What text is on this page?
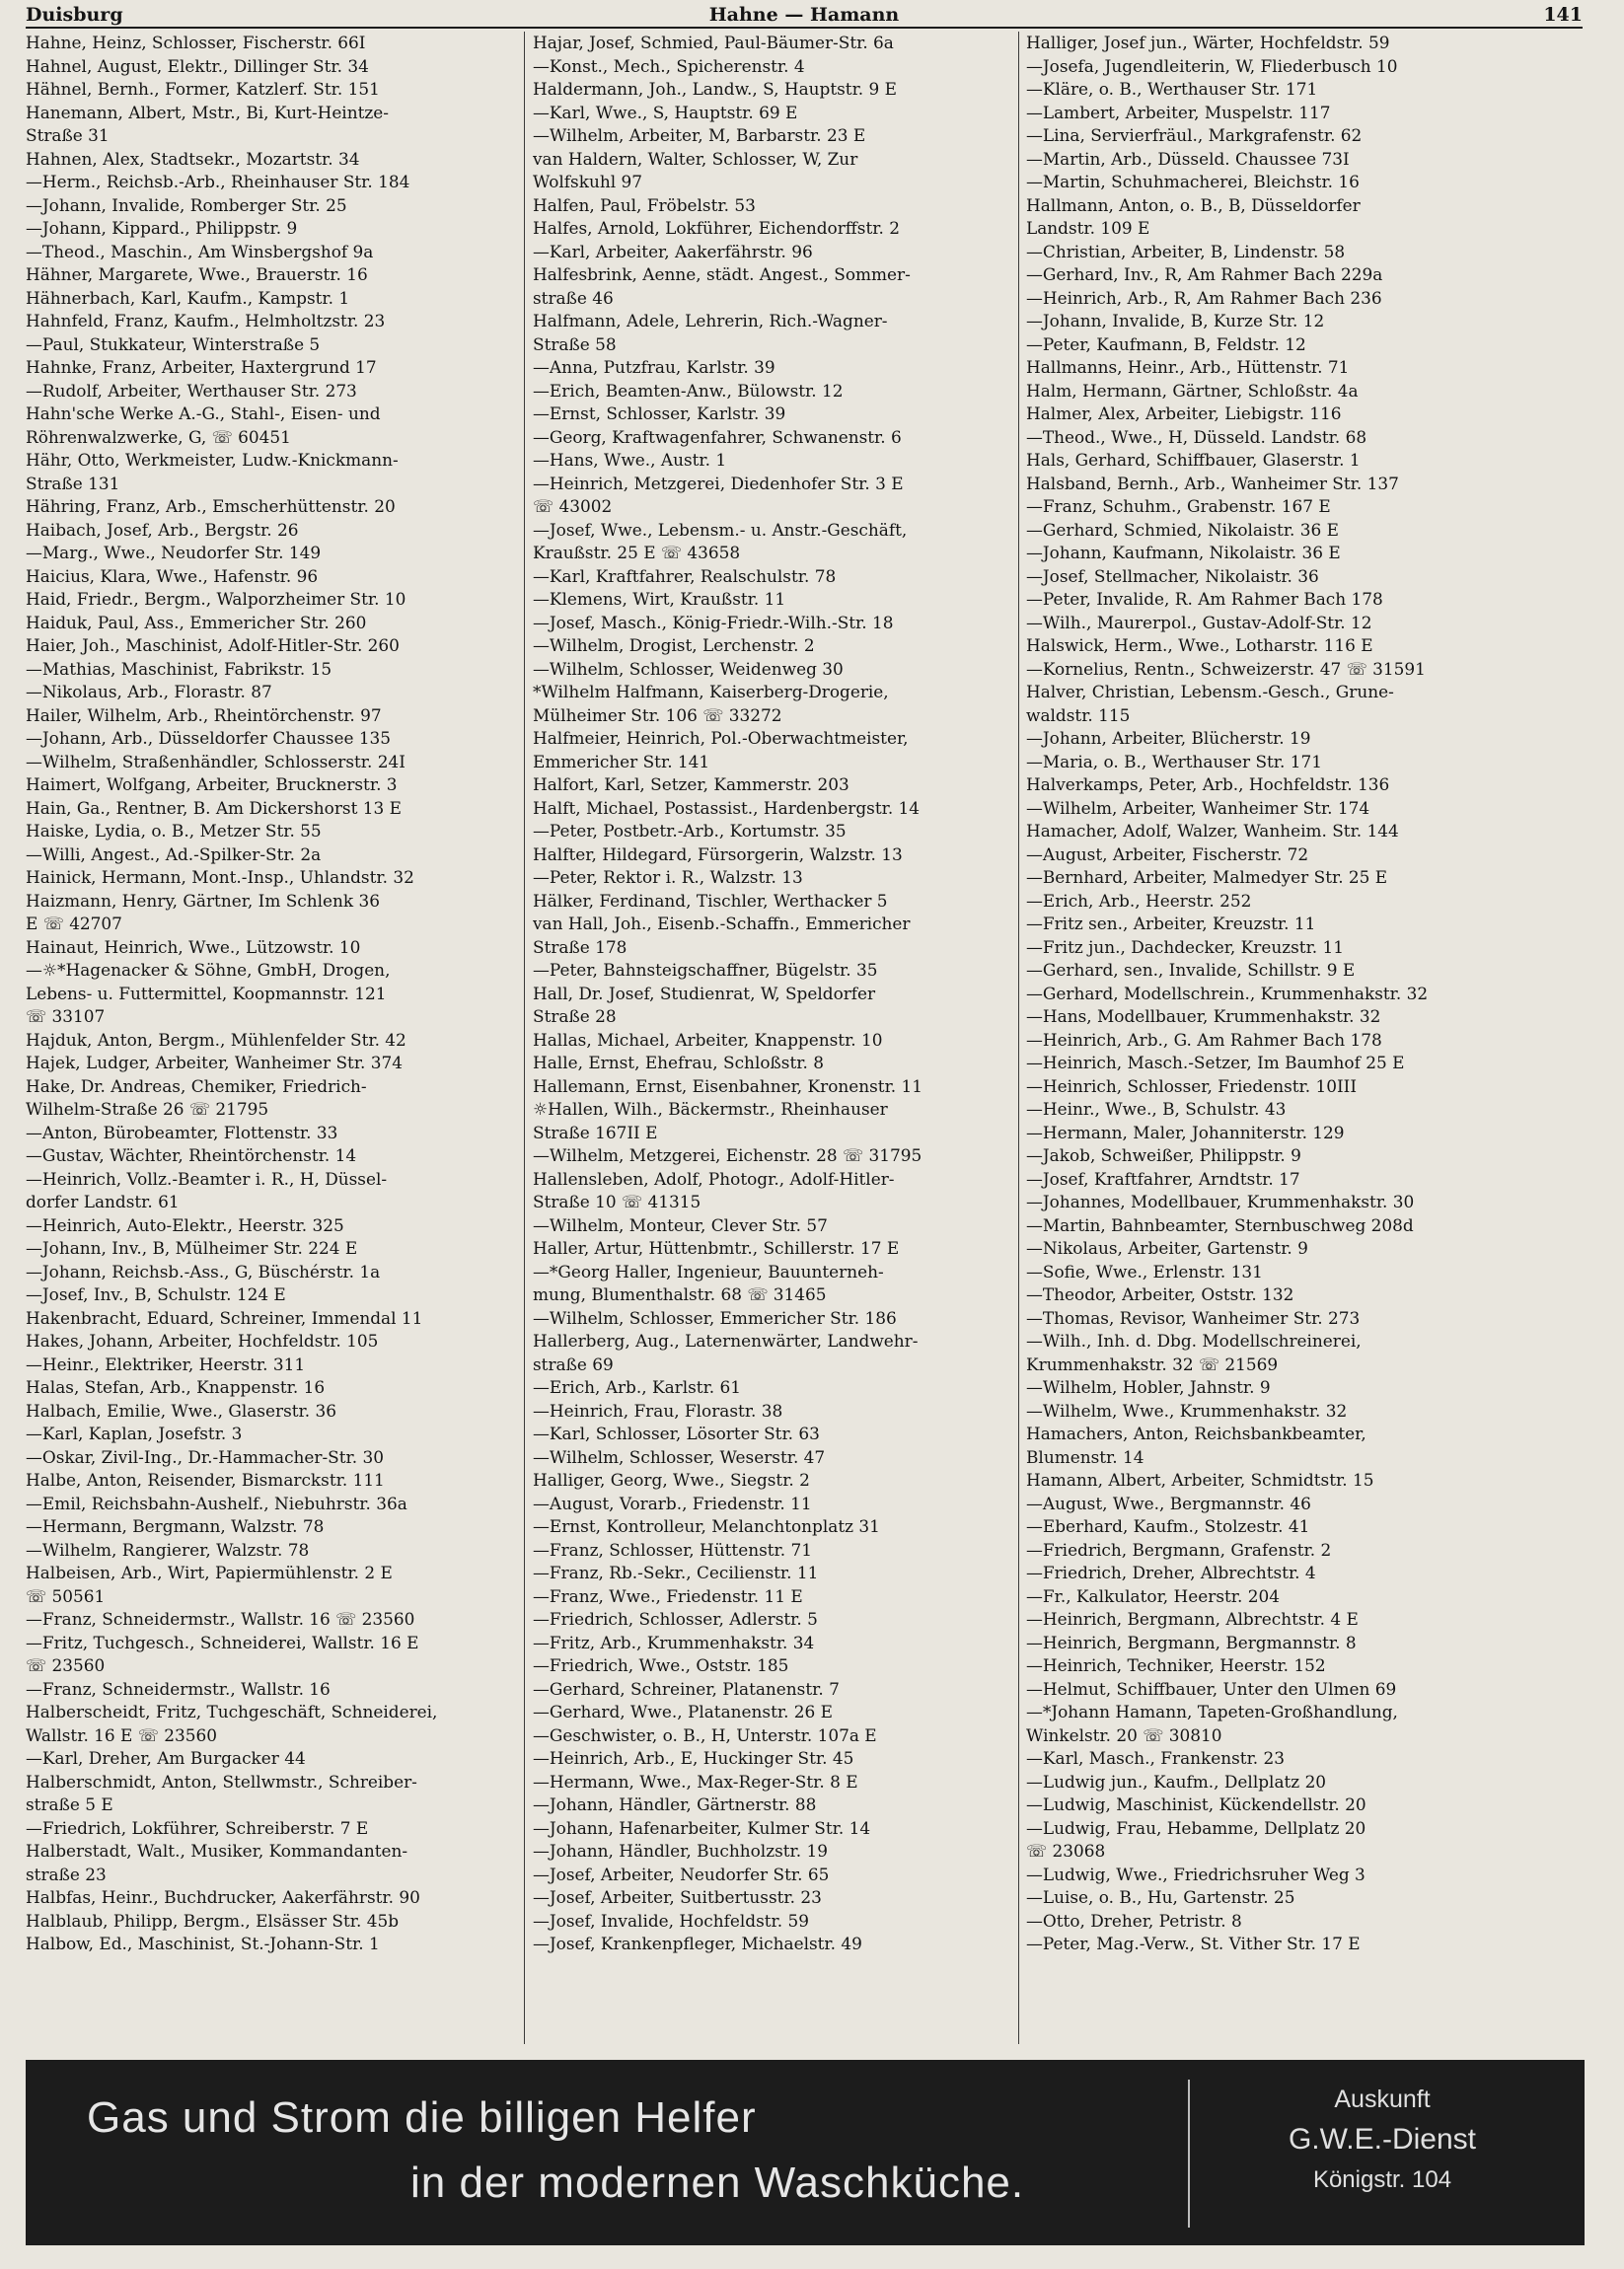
Duisburg	Hahne — Hamann	141
Hahne, Heinz, Schlosser, Fischerstr. 66I
Hahnel, August, Elektr., Dillinger Str. 34
Hähnel, Bernh., Former, Katzlerf. Str. 151
Hanemann, Albert, Mstr., Bi, Kurt-Heintze-
Straße 31
Hahnen, Alex, Stadtsekr., Mozartstr. 34
—Herm., Reichsb.-Arb., Rheinhauser Str. 184
—Johann, Invalide, Romberger Str. 25
—Johann, Kippard., Philippstr. 9
—Theod., Maschin., Am Winsbergshof 9a
Hähner, Margarete, Wwe., Brauerstr. 16
Hähnerbach, Karl, Kaufm., Kampstr. 1
Hahnfeld, Franz, Kaufm., Helmholtzstr. 23
—Paul, Stukkateur, Winterstraße 5
Hahnke, Franz, Arbeiter, Haxtergrund 17
—Rudolf, Arbeiter, Werthauser Str. 273
Hahn'sche Werke A.-G., Stahl-, Eisen- und
Röhrenwalzwerke, G, ☏ 60451
Hähr, Otto, Werkmeister, Ludw.-Knickmann-
Straße 131
Hähring, Franz, Arb., Emscherhüttenstr. 20
Haibach, Josef, Arb., Bergstr. 26
—Marg., Wwe., Neudorfer Str. 149
Haicius, Klara, Wwe., Hafenstr. 96
Haid, Friedr., Bergm., Walporzheimer Str. 10
Haiduk, Paul, Ass., Emmericher Str. 260
Haier, Joh., Maschinist, Adolf-Hitler-Str. 260
—Mathias, Maschinist, Fabrikstr. 15
—Nikolaus, Arb., Florastr. 87
Hailer, Wilhelm, Arb., Rheintörchenstr. 97
—Johann, Arb., Düsseldorfer Chaussee 135
—Wilhelm, Straßenhändler, Schlosserstr. 24I
Haimert, Wolfgang, Arbeiter, Brucknerstr. 3
Hain, Ga., Rentner, B. Am Dickershorst 13 E
Haiske, Lydia, o. B., Metzer Str. 55
—Willi, Angest., Ad.-Spilker-Str. 2a
Hainick, Hermann, Mont.-Insp., Uhlandstr. 32
Haizmann, Henry, Gärtner, Im Schlenk 36
E ☏ 42707
Hainaut, Heinrich, Wwe., Lützowstr. 10
—☼*Hagenacker & Söhne, GmbH, Drogen,
Lebens- u. Futtermittel, Koopmannstr. 121
☏ 33107
Hajduk, Anton, Bergm., Mühlenfelder Str. 42
Hajek, Ludger, Arbeiter, Wanheimer Str. 374
Hake, Dr. Andreas, Chemiker, Friedrich-
Wilhelm-Straße 26 ☏ 21795
—Anton, Bürobeamter, Flottenstr. 33
—Gustav, Wächter, Rheintörchenstr. 14
—Heinrich, Vollz.-Beamter i. R., H, Düssel-
dorfer Landstr. 61
—Heinrich, Auto-Elektr., Heerstr. 325
—Johann, Inv., B, Mülheimer Str. 224 E
—Johann, Reichsb.-Ass., G, Büschérstr. 1a
—Josef, Inv., B, Schulstr. 124 E
Hakenbracht, Eduard, Schreiner, Immendal 11
Hakes, Johann, Arbeiter, Hochfeldstr. 105
—Heinr., Elektriker, Heerstr. 311
Halas, Stefan, Arb., Knappenstr. 16
Halbach, Emilie, Wwe., Glaserstr. 36
—Karl, Kaplan, Josefstr. 3
—Oskar, Zivil-Ing., Dr.-Hammacher-Str. 30
Halbe, Anton, Reisender, Bismarckstr. 111
—Emil, Reichsbahn-Aushelf., Niebuhrstr. 36a
—Hermann, Bergmann, Walzstr. 78
—Wilhelm, Rangierer, Walzstr. 78
Halbeisen, Arb., Wirt, Papiermühlenstr. 2 E
☏ 50561
—Franz, Schneidermstr., Wallstr. 16 ☏ 23560
—Fritz, Tuchgesch., Schneiderei, Wallstr. 16 E
☏ 23560
—Franz, Schneidermstr., Wallstr. 16
Halberscheidt, Fritz, Tuchgeschäft, Schneiderei,
Wallstr. 16 E ☏ 23560
—Karl, Dreher, Am Burgacker 44
Halberschmidt, Anton, Stellwmstr., Schreiber-
straße 5 E
—Friedrich, Lokführer, Schreiberstr. 7 E
Halberstadt, Walt., Musiker, Kommandanten-
straße 23
Halbfas, Heinr., Buchdrucker, Aakerfährstr. 90
Halblaub, Philipp, Bergm., Elsässer Str. 45b
Halbow, Ed., Maschinist, St.-Johann-Str. 1
Hajar, Josef, Schmied, Paul-Bäumer-Str. 6a
—Konst., Mech., Spicherenstr. 4
Haldermann, Joh., Landw., S, Hauptstr. 9 E
—Karl, Wwe., S, Hauptstr. 69 E
—Wilhelm, Arbeiter, M, Barbarstr. 23 E
van Haldern, Walter, Schlosser, W, Zur
Wolfskuhl 97
Halfen, Paul, Fröbelstr. 53
Halfes, Arnold, Lokführer, Eichendorffstr. 2
—Karl, Arbeiter, Aakerfährstr. 96
Halfesbrink, Aenne, städt. Angest., Sommer-
straße 46
Halfmann, Adele, Lehrerin, Rich.-Wagner-
Straße 58
—Anna, Putzfrau, Karlstr. 39
—Erich, Beamten-Anw., Bülowstr. 12
—Ernst, Schlosser, Karlstr. 39
—Georg, Kraftwagenfahrer, Schwanenstr. 6
—Hans, Wwe., Austr. 1
—Heinrich, Metzgerei, Diedenhofer Str. 3 E
☏ 43002
—Josef, Wwe., Lebensm.- u. Anstr.-Geschäft,
Kraußstr. 25 E ☏ 43658
—Karl, Kraftfahrer, Realschulstr. 78
—Klemens, Wirt, Kraußstr. 11
—Josef, Masch., König-Friedr.-Wilh.-Str. 18
—Wilhelm, Drogist, Lerchenstr. 2
—Wilhelm, Schlosser, Weidenweg 30
*Wilhelm Halfmann, Kaiserberg-Drogerie,
Mülheimer Str. 106 ☏ 33272
Halfmeier, Heinrich, Pol.-Oberwachtmeister,
Emmericher Str. 141
Halfort, Karl, Setzer, Kammerstr. 203
Halft, Michael, Postassist., Hardenbergstr. 14
—Peter, Postbetr.-Arb., Kortumstr. 35
Halfter, Hildegard, Fürsorgerin, Walzstr. 13
—Peter, Rektor i. R., Walzstr. 13
Hälker, Ferdinand, Tischler, Werthacker 5
van Hall, Joh., Eisenb.-Schaffn., Emmericher
Straße 178
—Peter, Bahnsteigschaffner, Bügelstr. 35
Hall, Dr. Josef, Studienrat, W, Speldorfer
Straße 28
Hallas, Michael, Arbeiter, Knappenstr. 10
Halle, Ernst, Ehefrau, Schloßstr. 8
Hallemann, Ernst, Eisenbahner, Kronenstr. 11
☼Hallen, Wilh., Bäckermstr., Rheinhauser
Straße 167II E
—Wilhelm, Metzgerei, Eichenstr. 28 ☏ 31795
Hallensleben, Adolf, Photogr., Adolf-Hitler-
Straße 10 ☏ 41315
—Wilhelm, Monteur, Clever Str. 57
Haller, Artur, Hüttenbmtr., Schillerstr. 17 E
—*Georg Haller, Ingenieur, Bauunterneh-
mung, Blumenthalstr. 68 ☏ 31465
—Wilhelm, Schlosser, Emmericher Str. 186
Hallerberg, Aug., Laternenwärter, Landwehr-
straße 69
—Erich, Arb., Karlstr. 61
—Heinrich, Frau, Florastr. 38
—Karl, Schlosser, Lösorter Str. 63
—Wilhelm, Schlosser, Weserstr. 47
Halliger, Georg, Wwe., Siegstr. 2
—August, Vorarb., Friedenstr. 11
—Ernst, Kontrolleur, Melanchtonplatz 31
—Franz, Schlosser, Hüttenstr. 71
—Franz, Rb.-Sekr., Cecilienstr. 11
—Franz, Wwe., Friedenstr. 11 E
—Friedrich, Schlosser, Adlerstr. 5
—Fritz, Arb., Krummenhakstr. 34
—Friedrich, Wwe., Oststr. 185
—Gerhard, Schreiner, Platanenstr. 7
—Gerhard, Wwe., Platanenstr. 26 E
—Geschwister, o. B., H, Unterstr. 107a E
—Heinrich, Arb., E, Huckinger Str. 45
—Hermann, Wwe., Max-Reger-Str. 8 E
—Johann, Händler, Gärtnerstr. 88
—Johann, Hafenarbeiter, Kulmer Str. 14
—Johann, Händler, Buchholzstr. 19
—Josef, Arbeiter, Neudorfer Str. 65
—Josef, Arbeiter, Suitbertusstr. 23
—Josef, Invalide, Hochfeldstr. 59
—Josef, Krankenpfleger, Michaelstr. 49
Halliger, Josef jun., Wärter, Hochfeldstr. 59
—Josefa, Jugendleiterin, W, Fliederbusch 10
—Kläre, o. B., Werthauser Str. 171
—Lambert, Arbeiter, Muspelstr. 117
—Lina, Servierfräul., Markgrafenstr. 62
—Martin, Arb., Düsseld. Chaussee 73I
—Martin, Schuhmacherei, Bleichstr. 16
Hallmann, Anton, o. B., B, Düsseldorfer
Landstr. 109 E
—Christian, Arbeiter, B, Lindenstr. 58
—Gerhard, Inv., R, Am Rahmer Bach 229a
—Heinrich, Arb., R, Am Rahmer Bach 236
—Johann, Invalide, B, Kurze Str. 12
—Peter, Kaufmann, B, Feldstr. 12
Hallmanns, Heinr., Arb., Hüttenstr. 71
Halm, Hermann, Gärtner, Schloßstr. 4a
Halmer, Alex, Arbeiter, Liebigstr. 116
—Theod., Wwe., H, Düsseld. Landstr. 68
Hals, Gerhard, Schiffbauer, Glaserstr. 1
Halsband, Bernh., Arb., Wanheimer Str. 137
—Franz, Schuhm., Grabenstr. 167 E
—Gerhard, Schmied, Nikolaistr. 36 E
—Johann, Kaufmann, Nikolaistr. 36 E
—Josef, Stellmacher, Nikolaistr. 36
—Peter, Invalide, R. Am Rahmer Bach 178
—Wilh., Maurerpol., Gustav-Adolf-Str. 12
Halswick, Herm., Wwe., Lotharstr. 116 E
—Kornelius, Rentn., Schweizerstr. 47 ☏ 31591
Halver, Christian, Lebensm.-Gesch., Grune-
waldstr. 115
—Johann, Arbeiter, Blücherstr. 19
—Maria, o. B., Werthauser Str. 171
Halverkamps, Peter, Arb., Hochfeldstr. 136
—Wilhelm, Arbeiter, Wanheimer Str. 174
Hamacher, Adolf, Walzer, Wanheim. Str. 144
—August, Arbeiter, Fischerstr. 72
—Bernhard, Arbeiter, Malmedyer Str. 25 E
—Erich, Arb., Heerstr. 252
—Fritz sen., Arbeiter, Kreuzstr. 11
—Fritz jun., Dachdecker, Kreuzstr. 11
—Gerhard, sen., Invalide, Schillstr. 9 E
—Gerhard, Modellschrein., Krummenhakstr. 32
—Hans, Modellbauer, Krummenhakstr. 32
—Heinrich, Arb., G. Am Rahmer Bach 178
—Heinrich, Masch.-Setzer, Im Baumhof 25 E
—Heinrich, Schlosser, Friedenstr. 10III
—Heinr., Wwe., B, Schulstr. 43
—Hermann, Maler, Johanniterstr. 129
—Jakob, Schweißer, Philippstr. 9
—Josef, Kraftfahrer, Arndtstr. 17
—Johannes, Modellbauer, Krummenhakstr. 30
—Martin, Bahnbeamter, Sternbuschweg 208d
—Nikolaus, Arbeiter, Gartenstr. 9
—Sofie, Wwe., Erlenstr. 131
—Theodor, Arbeiter, Oststr. 132
—Thomas, Revisor, Wanheimer Str. 273
—Wilh., Inh. d. Dbg. Modellschreinerei,
Krummenhakstr. 32 ☏ 21569
—Wilhelm, Hobler, Jahnstr. 9
—Wilhelm, Wwe., Krummenhakstr. 32
Hamachers, Anton, Reichsbankbeamter,
Blumenstr. 14
Hamann, Albert, Arbeiter, Schmidtstr. 15
—August, Wwe., Bergmannstr. 46
—Eberhard, Kaufm., Stolzestr. 41
—Friedrich, Bergmann, Grafenstr. 2
—Friedrich, Dreher, Albrechtstr. 4
—Fr., Kalkulator, Heerstr. 204
—Heinrich, Bergmann, Albrechtstr. 4 E
—Heinrich, Bergmann, Bergmannstr. 8
—Heinrich, Techniker, Heerstr. 152
—Helmut, Schiffbauer, Unter den Ulmen 69
—*Johann Hamann, Tapeten-Großhandlung,
Winkelstr. 20 ☏ 30810
—Karl, Masch., Frankenstr. 23
—Ludwig jun., Kaufm., Dellplatz 20
—Ludwig, Maschinist, Kückendellstr. 20
—Ludwig, Frau, Hebamme, Dellplatz 20
☏ 23068
—Ludwig, Wwe., Friedrichsruher Weg 3
—Luise, o. B., Hu, Gartenstr. 25
—Otto, Dreher, Petristr. 8
—Peter, Mag.-Verw., St. Vither Str. 17 E
Gas und Strom die billigen Helfer
in der modernen Waschküche.
Auskunft
G.W.E.-Dienst
Königstr. 104
